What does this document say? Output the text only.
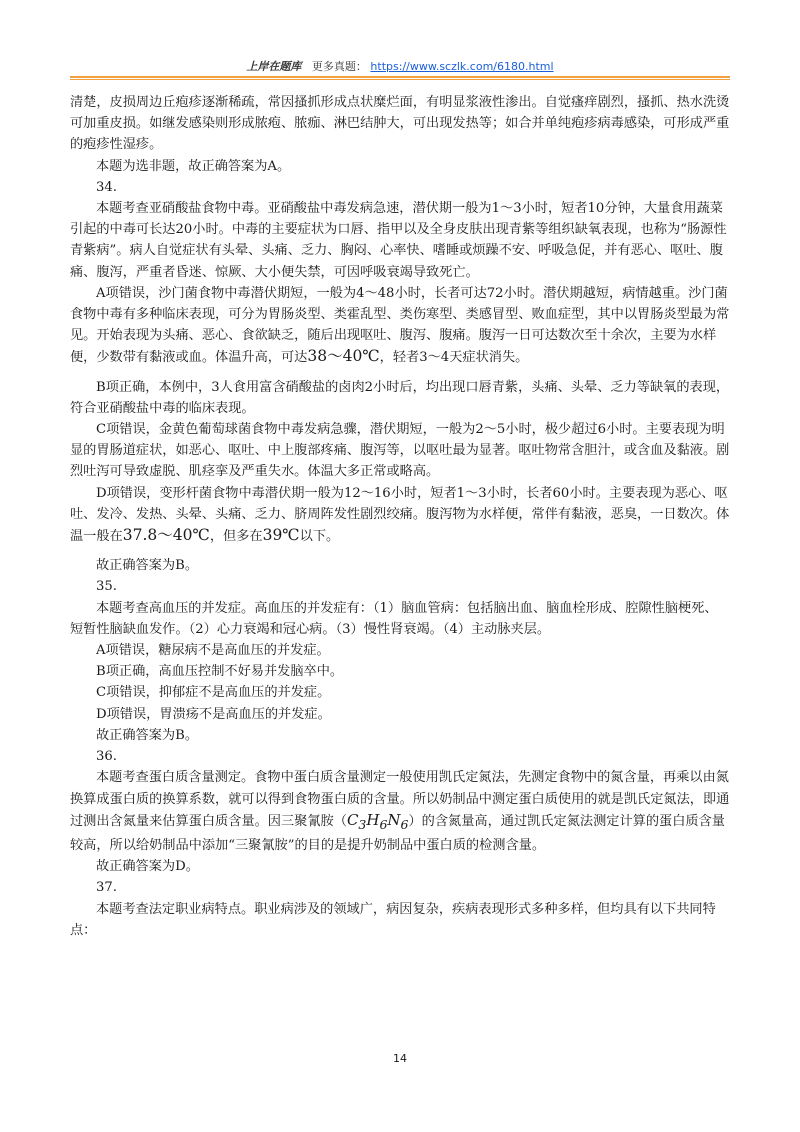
上岸在题库 更多真题： https://www.sczlk.com/6180.html

清楚，皮损周边丘疱疹逐渐稀疏，常因搔抓形成点状糜烂面，有明显浆液性渗出。自觉瘙痒剧烈，搔抓、热水洗烫可加重皮损。如继发感染则形成脓疱、脓痂、淋巴结肿大，可出现发热等；如合并单纯疱疹病毒感染，可形成严重的疱疹性湿疹。

本题为选非题，故正确答案为A。

34.

本题考查亚硝酸盐食物中毒。亚硝酸盐中毒发病急速，潜伏期一般为1～3小时，短者10分钟，大量食用蔬菜引起的中毒可长达20小时。中毒的主要症状为口唇、指甲以及全身皮肤出现青紫等组织缺氧表现，也称为“肠源性青紫病”。病人自觉症状有头晕、头痛、乏力、胸闷、心率快、嗜睡或烦躁不安、呼吸急促，并有恶心、呕吐、腹痛、腹泻，严重者昏迷、惊厥、大小便失禁，可因呼吸衰竭导致死亡。

A项错误，沙门菌食物中毒潜伏期短，一般为4～48小时，长者可达72小时。潜伏期越短，病情越重。沙门菌食物中毒有多种临床表现，可分为胃肠炎型、类霍乱型、类伤寒型、类感冒型、败血症型，其中以胃肠炎型最为常见。开始表现为头痛、恶心、食欲缺乏，随后出现呕吐、腹泻、腹痛。腹泻一日可达数次至十余次，主要为水样便，少数带有黏液或血。体温升高，可达38～40℃，轻者3～4天症状消失。

B项正确，本例中，3人食用富含硝酸盐的卤肉2小时后，均出现口唇青紫，头痛、头晕、乏力等缺氧的表现，符合亚硝酸盐中毒的临床表现。

C项错误，金黄色葡萄球菌食物中毒发病急骤，潜伏期短，一般为2～5小时，极少超过6小时。主要表现为明显的胃肠道症状，如恶心、呕吐、中上腹部疼痛、腹泻等，以呕吐最为显著。呕吐物常含胆汁，或含血及黏液。剧烈吐泻可导致虚脱、肌痉挛及严重失水。体温大多正常或略高。

D项错误，变形杆菌食物中毒潜伏期一般为12～16小时，短者1～3小时，长者60小时。主要表现为恶心、呕吐、发冷、发热、头晕、头痛、乏力、脐周阵发性剧烈绞痛。腹泻物为水样便，常伴有黏液，恶臭，一日数次。体温一般在37.8～40℃，但多在39℃以下。

故正确答案为B。

35.

本题考查高血压的并发症。高血压的并发症有：（1）脑血管病：包括脑出血、脑血栓形成、腔隙性脑梗死、短暂性脑缺血发作。（2）心力衰竭和冠心病。（3）慢性肾衰竭。（4）主动脉夹层。

A项错误，糖尿病不是高血压的并发症。

B项正确，高血压控制不好易并发脑卒中。

C项错误，抑郁症不是高血压的并发症。

D项错误，胃溃疡不是高血压的并发症。

故正确答案为B。

36.

本题考查蛋白质含量测定。食物中蛋白质含量测定一般使用凯氏定氮法，先测定食物中的氮含量，再乘以由氮换算成蛋白质的换算系数，就可以得到食物蛋白质的含量。所以奶制品中测定蛋白质使用的就是凯氏定氮法，即通过测出含氮量来估算蛋白质含量。因三聚氰胺$(C_3H_6N_6)$的含氮量高，通过凯氏定氮法测定计算的蛋白质含量较高，所以给奶制品中添加“三聚氰胺”的目的是提升奶制品中蛋白质的检测含量。

故正确答案为D。

37.

本题考查法定职业病特点。职业病涉及的领域广，病因复杂，疾病表现形式多种多样，但均具有以下共同特点：

14
